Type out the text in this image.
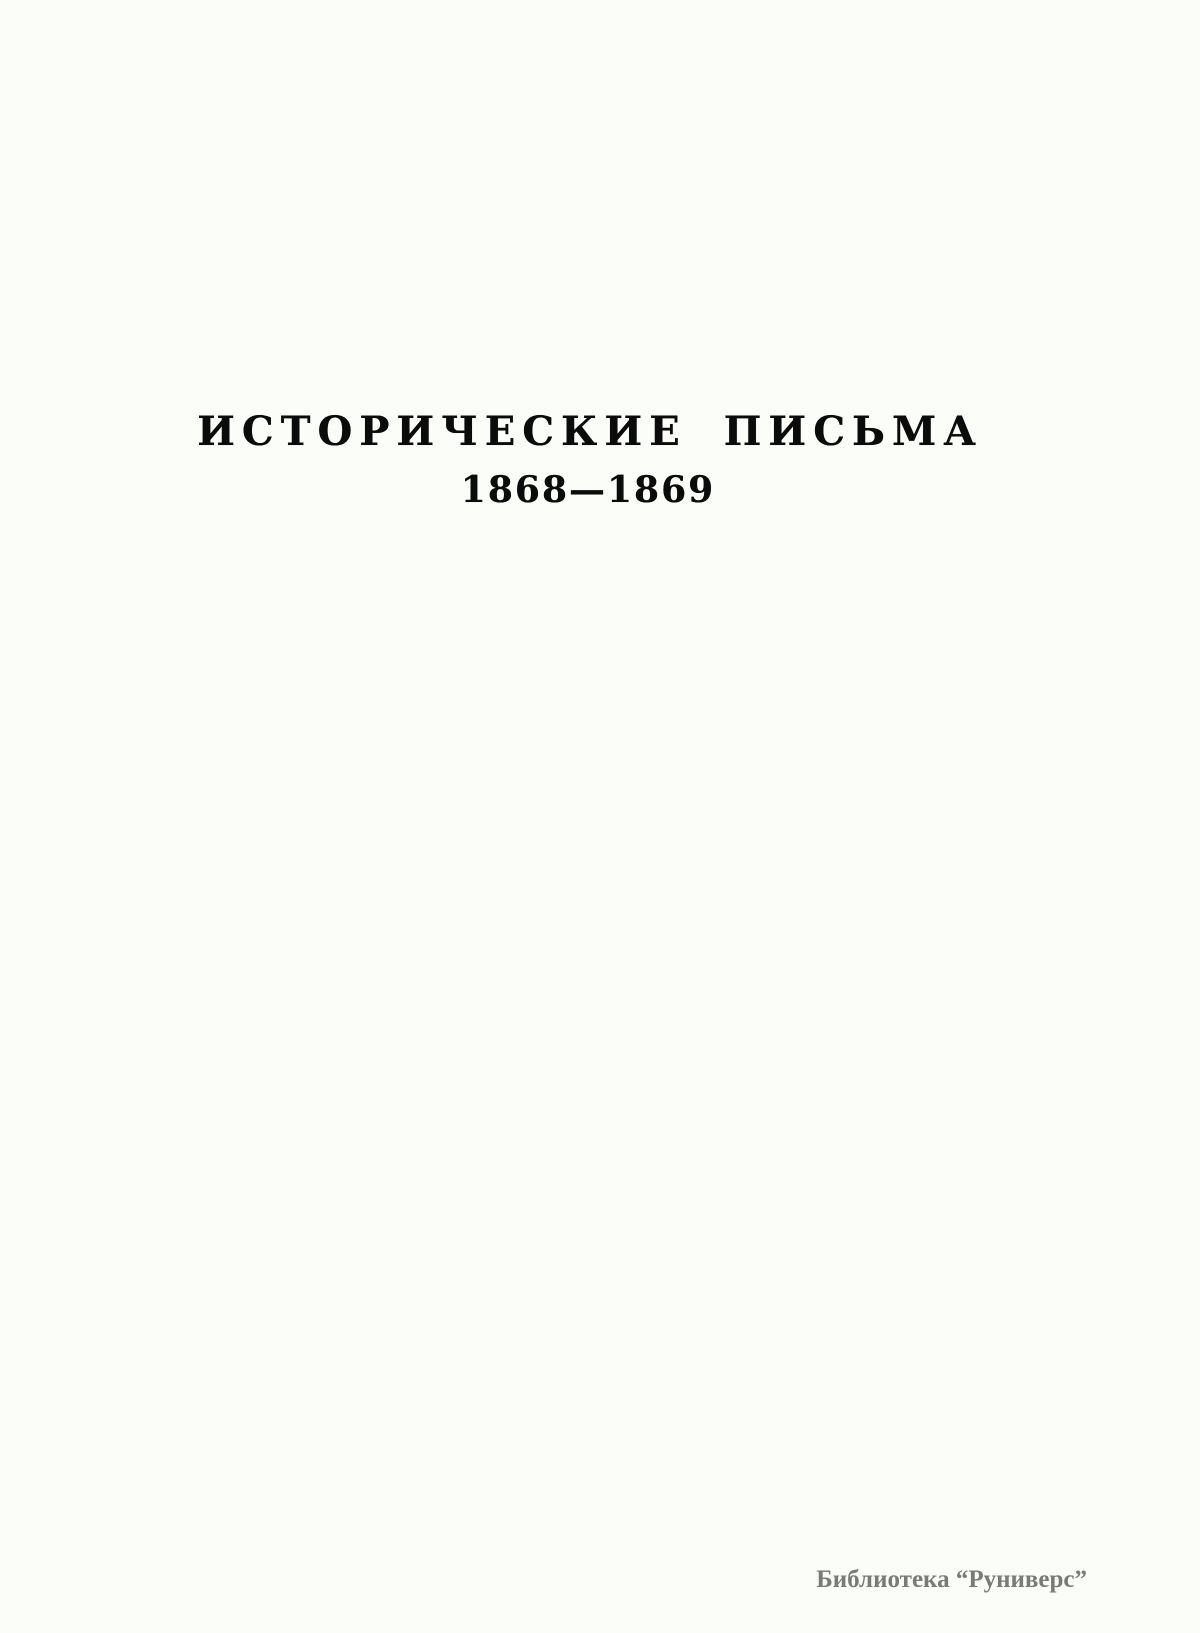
ИСТОРИЧЕСКИЕ ПИСЬМА
1868—1869
Библиотека “Руниверс”
